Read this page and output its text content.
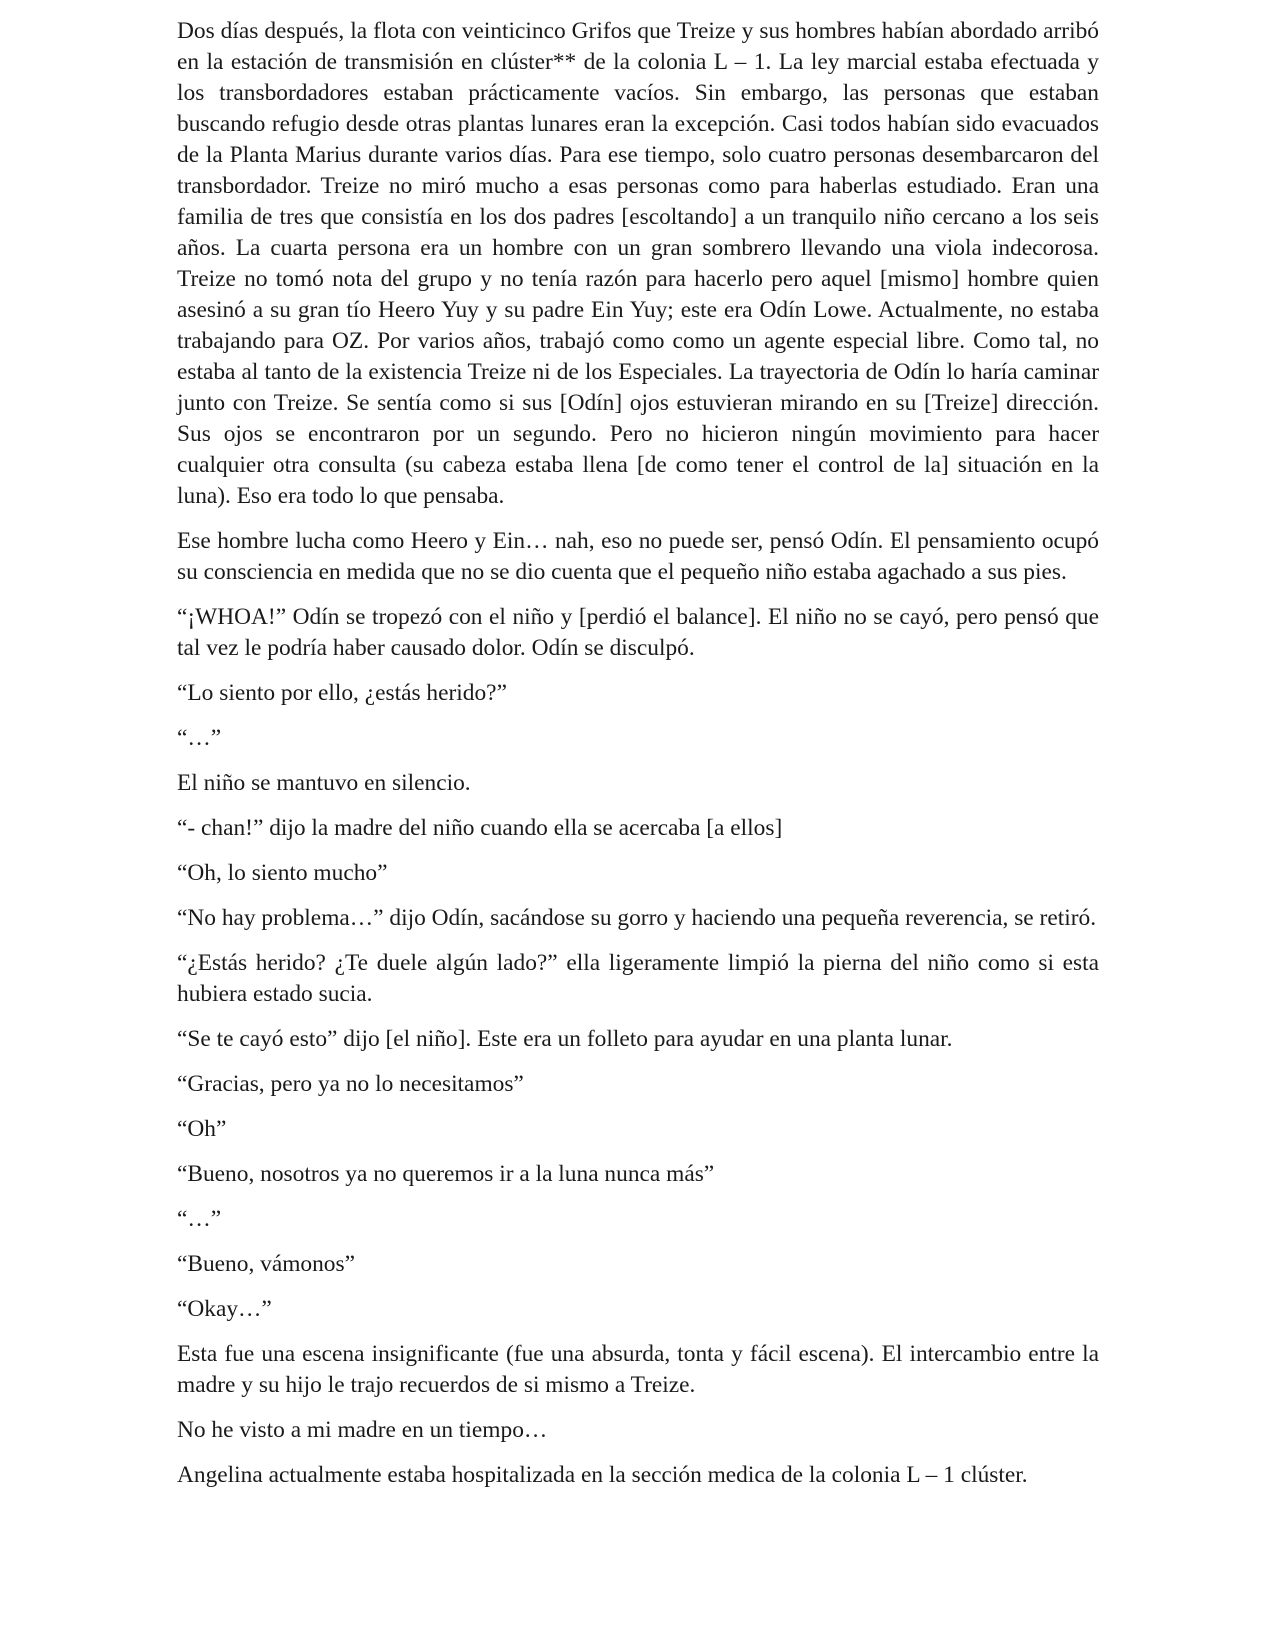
Dos días después, la flota con veinticinco Grifos que Treize y sus hombres habían abordado arribó en la estación de transmisión en clúster** de la colonia L – 1. La ley marcial estaba efectuada y los transbordadores estaban prácticamente vacíos. Sin embargo, las personas que estaban buscando refugio desde otras plantas lunares eran la excepción. Casi todos habían sido evacuados de la Planta Marius durante varios días. Para ese tiempo, solo cuatro personas desembarcaron del transbordador. Treize no miró mucho a esas personas como para haberlas estudiado. Eran una familia de tres que consistía en los dos padres [escoltando] a un tranquilo niño cercano a los seis años. La cuarta persona era un hombre con un gran sombrero llevando una viola indecorosa. Treize no tomó nota del grupo y no tenía razón para hacerlo pero aquel [mismo] hombre quien asesinó a su gran tío Heero Yuy y su padre Ein Yuy; este era Odín Lowe. Actualmente, no estaba trabajando para OZ. Por varios años, trabajó como como un agente especial libre. Como tal, no estaba al tanto de la existencia Treize ni de los Especiales. La trayectoria de Odín lo haría caminar junto con Treize. Se sentía como si sus [Odín] ojos estuvieran mirando en su [Treize] dirección. Sus ojos se encontraron por un segundo. Pero no hicieron ningún movimiento para hacer cualquier otra consulta (su cabeza estaba llena [de como tener el control de la] situación en la luna). Eso era todo lo que pensaba.

Ese hombre lucha como Heero y Ein… nah, eso no puede ser, pensó Odín. El pensamiento ocupó su consciencia en medida que no se dio cuenta que el pequeño niño estaba agachado a sus pies.

“¡WHOA!” Odín se tropezó con el niño y [perdió el balance]. El niño no se cayó, pero pensó que tal vez le podría haber causado dolor. Odín se disculpó.

“Lo siento por ello, ¿estás herido?”

“…”

El niño se mantuvo en silencio.

“- chan!” dijo la madre del niño cuando ella se acercaba [a ellos]

“Oh, lo siento mucho”

“No hay problema…” dijo Odín, sacándose su gorro y haciendo una pequeña reverencia, se retiró.

“¿Estás herido? ¿Te duele algún lado?” ella ligeramente limpió la pierna del niño como si esta hubiera estado sucia.

“Se te cayó esto” dijo [el niño]. Este era un folleto para ayudar en una planta lunar.

“Gracias, pero ya no lo necesitamos”

“Oh”

“Bueno, nosotros ya no queremos ir a la luna nunca más”

“…”

“Bueno, vámonos”

“Okay…”

Esta fue una escena insignificante (fue una absurda, tonta y fácil escena). El intercambio entre la madre y su hijo le trajo recuerdos de si mismo a Treize.

No he visto a mi madre en un tiempo…

Angelina actualmente estaba hospitalizada en la sección medica de la colonia L – 1 clúster.
